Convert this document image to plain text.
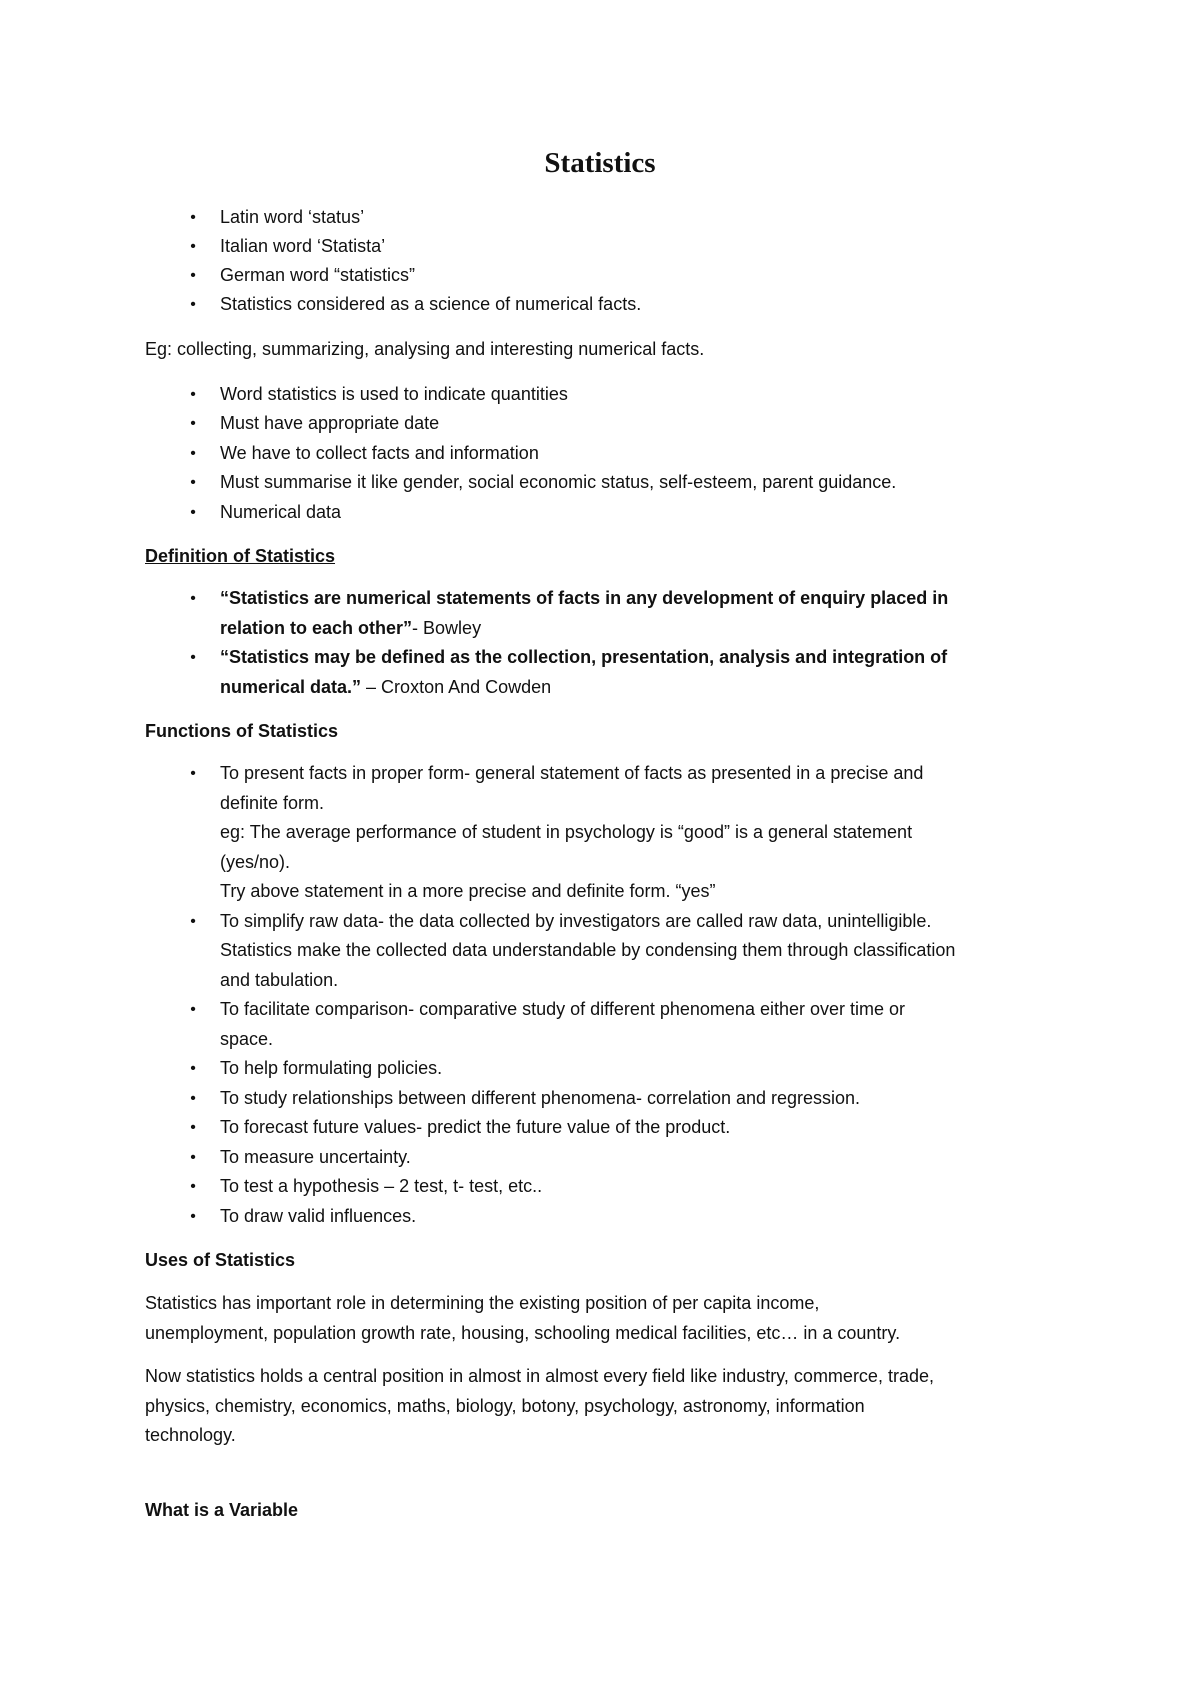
Statistics
• Latin word ‘status’
• Italian word ‘Statista’
• German word “statistics”
• Statistics considered as a science of numerical facts.

Eg: collecting, summarizing, analysing and interesting numerical facts.

• Word statistics is used to indicate quantities
• Must have appropriate date
• We have to collect facts and information
• Must summarise it like gender, social economic status, self-esteem, parent guidance.
• Numerical data

Definition of Statistics

• “Statistics are numerical statements of facts in any development of enquiry placed in
relation to each other”- Bowley
• “Statistics may be defined as the collection, presentation, analysis and integration of
numerical data.” – Croxton And Cowden

Functions of Statistics

• To present facts in proper form- general statement of facts as presented in a precise and
definite form.
eg: The average performance of student in psychology is “good” is a general statement
(yes/no).
Try above statement in a more precise and definite form. “yes”
• To simplify raw data- the data collected by investigators are called raw data, unintelligible.
Statistics make the collected data understandable by condensing them through classification
and tabulation.
• To facilitate comparison- comparative study of different phenomena either over time or
space.
• To help formulating policies.
• To study relationships between different phenomena- correlation and regression.
• To forecast future values- predict the future value of the product.
• To measure uncertainty.
• To test a hypothesis – 2 test, t- test, etc..
• To draw valid influences.

Uses of Statistics

Statistics has important role in determining the existing position of per capita income,
unemployment, population growth rate, housing, schooling medical facilities, etc… in a country.

Now statistics holds a central position in almost in almost every field like industry, commerce, trade,
physics, chemistry, economics, maths, biology, botony, psychology, astronomy, information
technology.

What is a Variable
